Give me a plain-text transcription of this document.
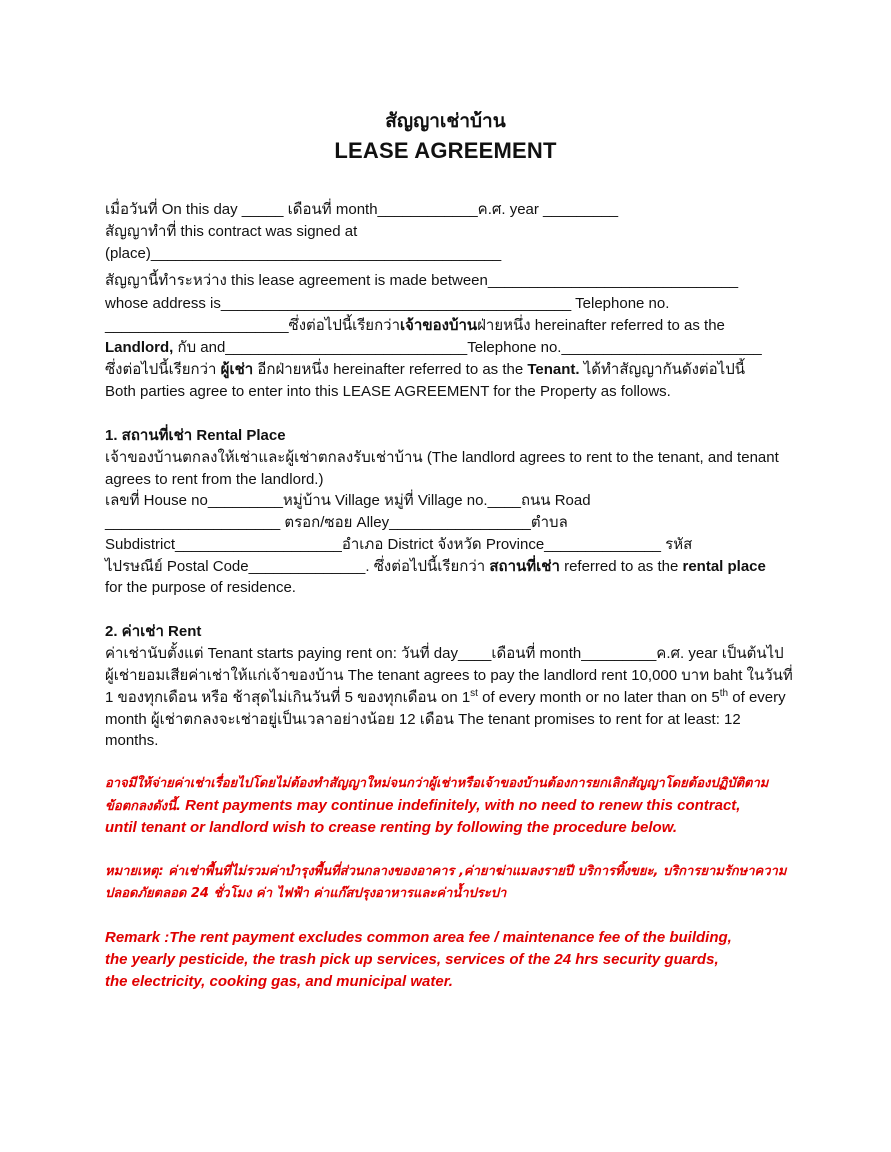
สัญญาเช่าบ้าน
LEASE AGREEMENT
เมื่อวันที่ On this day _____ เดือนที่ month____________ค.ศ. year _________
สัญญาทำที่ this contract was signed at
(place)__________________________________________
สัญญานี้ทำระหว่าง this lease agreement is made between______________________________
whose address is__________________________________________ Telephone no.
______________________ซึ่งต่อไปนี้เรียกว่าเจ้าของบ้านฝ่ายหนึ่ง hereinafter referred to as the
Landlord, กับ and_____________________________Telephone no.________________________
ซึ่งต่อไปนี้เรียกว่า ผู้เช่า อีกฝ่ายหนึ่ง hereinafter referred to as the Tenant. ได้ทำสัญญากันดังต่อไปนี้
Both parties agree to enter into this LEASE AGREEMENT for the Property as follows.
1. สถานที่เช่า Rental Place
เจ้าของบ้านตกลงให้เช่าและผู้เช่าตกลงรับเช่าบ้าน (The landlord agrees to rent to the tenant, and tenant
agrees to rent from the landlord.)
เลขที่ House no_________หมู่บ้าน Village หมู่ที่ Village no.____ถนน Road
_____________________ ตรอก/ซอย Alley_________________ตำบล
Subdistrict____________________อำเภอ District จังหวัด Province______________ รหัส
ไปรษณีย์ Postal Code______________. ซึ่งต่อไปนี้เรียกว่า สถานที่เช่า referred to as the rental place
for the purpose of residence.
2. ค่าเช่า Rent
ค่าเช่านับตั้งแต่ Tenant starts paying rent on: วันที่ day____เดือนที่ month_________ค.ศ. year เป็นต้นไป
ผู้เช่ายอมเสียค่าเช่าให้แก่เจ้าของบ้าน The tenant agrees to pay the landlord rent 10,000 บาท baht ในวันที่
1 ของทุกเดือน หรือ ช้าสุดไม่เกินวันที่ 5 ของทุกเดือน on 1st of every month or no later than on 5th of every
month ผู้เช่าตกลงจะเช่าอยู่เป็นเวลาอย่างน้อย 12 เดือน The tenant promises to rent for at least: 12
months.
อาจมีให้จ่ายค่าเช่าเรื่อยไปโดยไม่ต้องทำสัญญาใหม่จนกว่าผู้เช่าหรือเจ้าของบ้านต้องการยกเลิกสัญญาโดยต้องปฏิบัติตาม
ข้อตกลงดังนี้. Rent payments may continue indefinitely, with no need to renew this contract,
until tenant or landlord wish to crease renting by following the procedure below.
หมายเหตุ: ค่าเช่าพื้นที่ไม่รวมค่าบำรุงพื้นที่ส่วนกลางของอาคาร ,ค่ายาฆ่าแมลงรายปี บริการทิ้งขยะ, บริการยามรักษาความ
ปลอดภัยตลอด 24 ชั่วโมง ค่า ไฟฟ้า ค่าแก๊สปรุงอาหารและค่าน้ำประปา
Remark :The rent payment excludes common area fee / maintenance fee of the building,
the yearly pesticide, the trash pick up services, services of the 24 hrs security guards,
the electricity, cooking gas, and municipal water.
